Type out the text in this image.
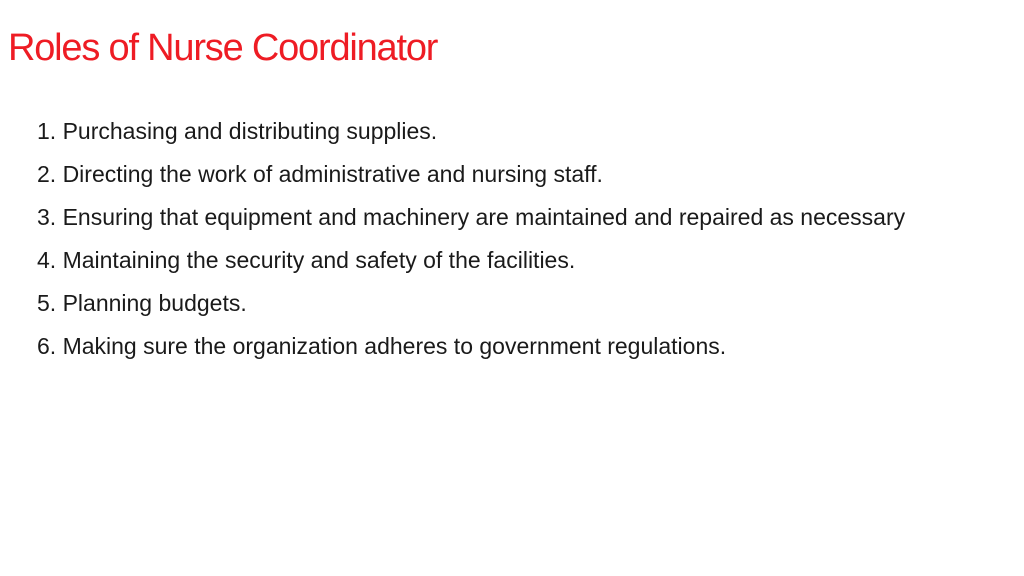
Roles of Nurse Coordinator
1. Purchasing and distributing supplies.
2. Directing the work of administrative and nursing staff.
3. Ensuring that equipment and machinery are maintained and repaired as necessary
4. Maintaining the security and safety of the facilities.
5. Planning budgets.
6. Making sure the organization adheres to government regulations.
